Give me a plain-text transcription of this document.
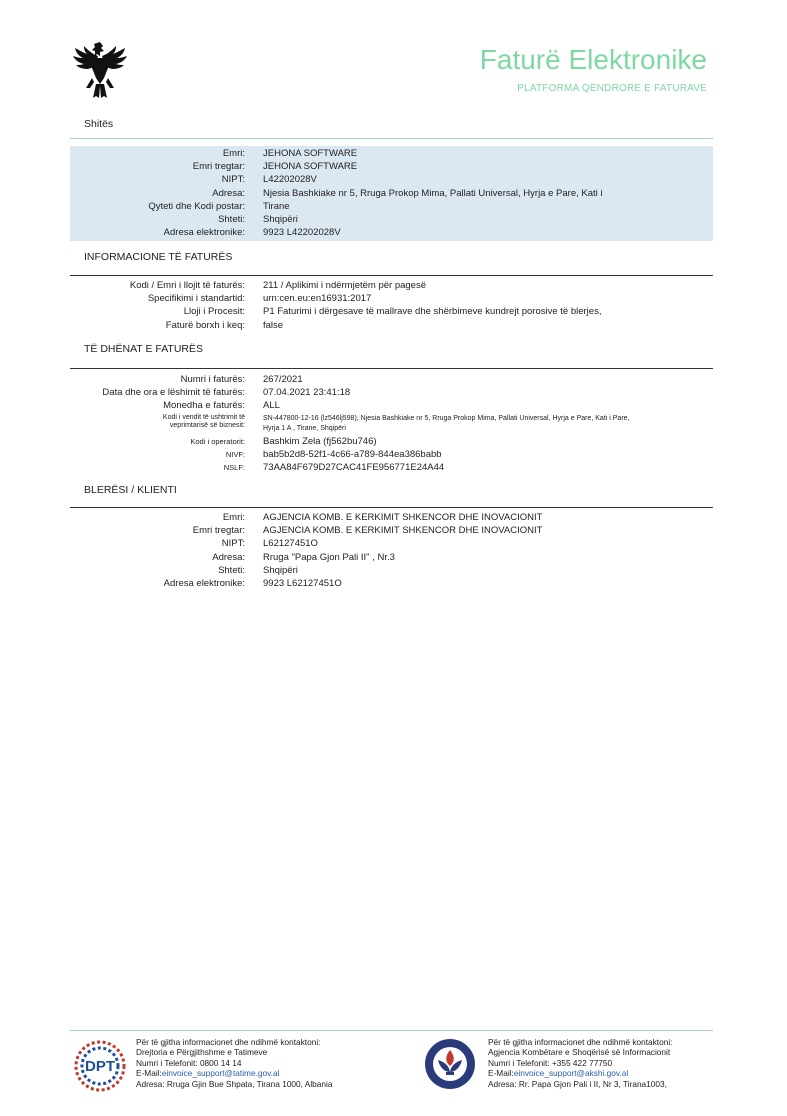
Faturë Elektronike
PLATFORMA QENDRORE E FATURAVE
Shitës
Emri:	JEHONA SOFTWARE
Emri tregtar:	JEHONA SOFTWARE
NIPT:	L42202028V
Adresa:	Njesia Bashkiake nr 5, Rruga Prokop Mima, Pallati Universal, Hyrja e Pare, Kati i
Qyteti dhe Kodi postar:	Tirane
Shteti:	Shqipëri
Adresa elektronike:	9923 L42202028V
INFORMACIONE TË FATURËS
Kodi / Emri i llojit të faturës:	211 / Aplikimi i ndërmjetëm për pagesë
Specifikimi i standartid:	urn:cen.eu:en16931:2017
Lloji i Procesit:	P1 Faturimi i dërgesave të mallrave dhe shërbimeve kundrejt porosive të blerjes,
Faturë borxh i keq:	false
TË DHËNAT E FATURËS
Numri i faturës:	267/2021
Data dhe ora e lëshimit të faturës:	07.04.2021 23:41:18
Monedha e faturës:	ALL
Kodi i vendit të ushtrimit të
veprimtarisë së biznesit:
SN-447800-12-16 (lz546lj598), Njesia Bashkiake nr 5, Rruga Prokop Mima, Pallati Universal, Hyrja e Pare, Kati i Pare,
Hyrja 1 A , Tirane, Shqipëri
Kodi i operatorit:	Bashkim Zela (fj562bu746)
NIVF:	bab5b2d8-52f1-4c66-a789-844ea386babb
NSLF:	73AA84F679D27CAC41FE956771E24A44
BLERËSI / KLIENTI
Emri:	AGJENCIA KOMB. E KERKIMIT SHKENCOR DHE INOVACIONIT
Emri tregtar:	AGJENCIA KOMB. E KERKIMIT SHKENCOR DHE INOVACIONIT
NIPT:	L62127451O
Adresa:	Rruga "Papa Gjon Pali II" , Nr.3
Shteti:	Shqipëri
Adresa elektronike:	9923 L62127451O
DPT
Për të gjitha informacionet dhe ndihmë kontaktoni:
Drejtoria e Përgjithshme e Tatimeve
Numri i Telefonit: 0800 14 14
E-Mail:einvoice_support@tatime.gov.al
Adresa: Rruga Gjin Bue Shpata, Tirana 1000, Albania
Për të gjitha informacionet dhe ndihmë kontaktoni:
Agjencia Kombëtare e Shoqërisë së Informacionit
Numri i Telefonit: +355 422 77750
E-Mail:einvoice_support@akshi.gov.al
Adresa: Rr. Papa Gjon Pali i II, Nr 3, Tirana1003,
